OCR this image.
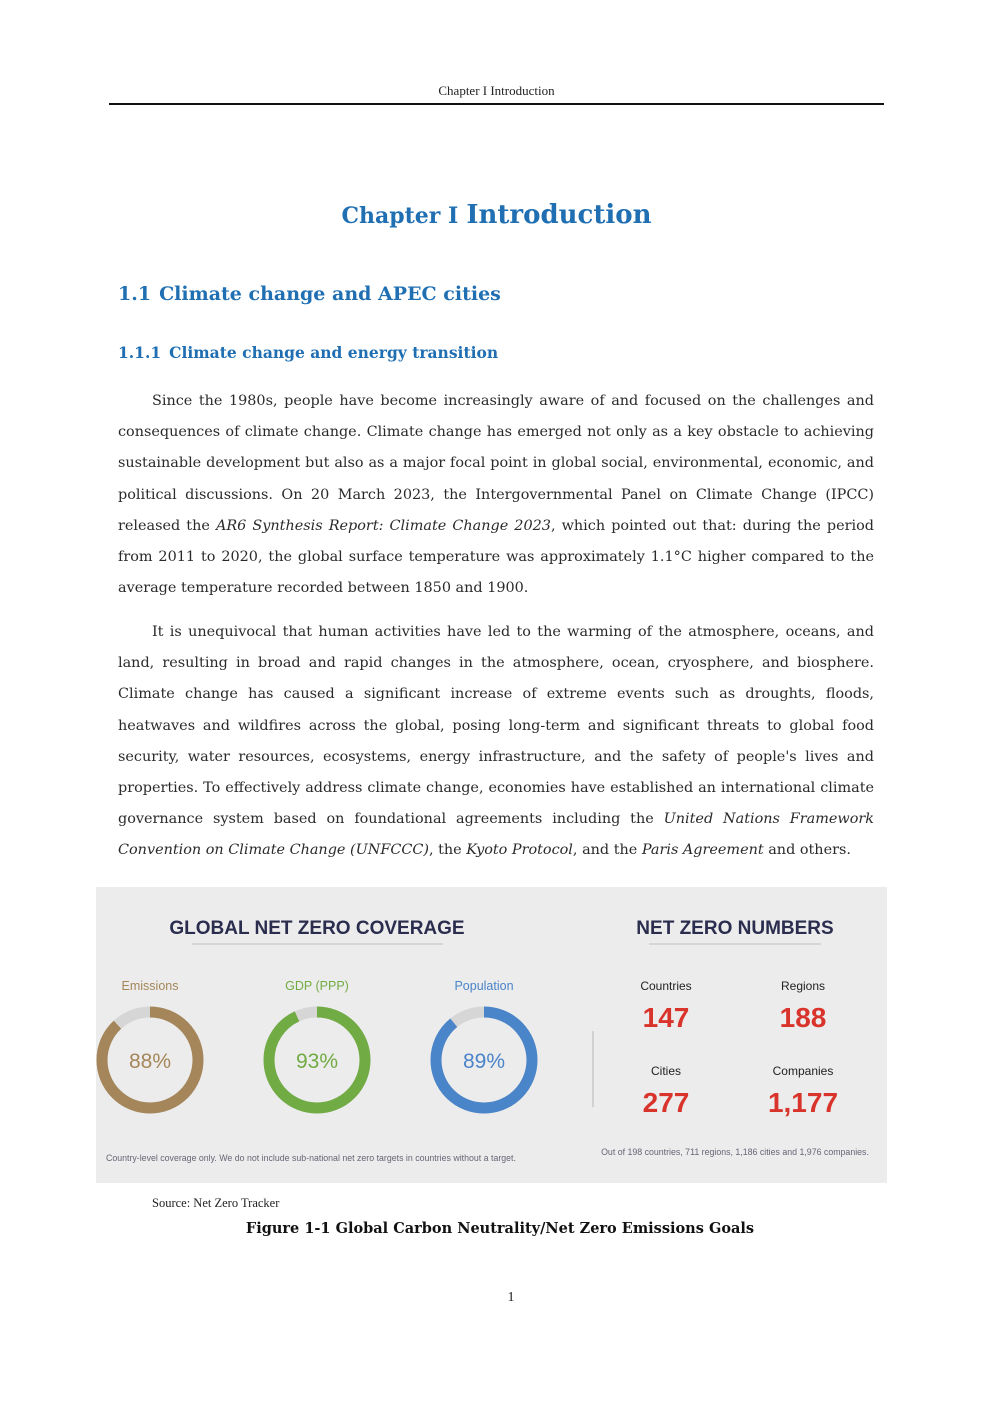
Chapter I Introduction
Chapter I Introduction
1.1 Climate change and APEC cities
1.1.1 Climate change and energy transition

Since the 1980s, people have become increasingly aware of and focused on the challenges and consequences of climate change. Climate change has emerged not only as a key obstacle to achieving sustainable development but also as a major focal point in global social, environmental, economic, and political discussions. On 20 March 2023, the Intergovernmental Panel on Climate Change (IPCC) released the AR6 Synthesis Report: Climate Change 2023, which pointed out that: during the period from 2011 to 2020, the global surface temperature was approximately 1.1°C higher compared to the average temperature recorded between 1850 and 1900.

It is unequivocal that human activities have led to the warming of the atmosphere, oceans, and land, resulting in broad and rapid changes in the atmosphere, ocean, cryosphere, and biosphere. Climate change has caused a significant increase of extreme events such as droughts, floods, heatwaves and wildfires across the global, posing long-term and significant threats to global food security, water resources, ecosystems, energy infrastructure, and the safety of people's lives and properties. To effectively address climate change, economies have established an international climate governance system based on foundational agreements including the United Nations Framework Convention on Climate Change (UNFCCC), the Kyoto Protocol, and the Paris Agreement and others.

GLOBAL NET ZERO COVERAGE	NET ZERO NUMBERS
Emissions
88%
GDP (PPP)
93%
Population
89%
Countries
147
Regions
188
Cities
277
Companies
1,177
Country-level coverage only. We do not include sub-national net zero targets in countries without a target.
Out of 198 countries, 711 regions, 1,186 cities and 1,976 companies.
Source: Net Zero Tracker
Figure 1-1 Global Carbon Neutrality/Net Zero Emissions Goals
1
